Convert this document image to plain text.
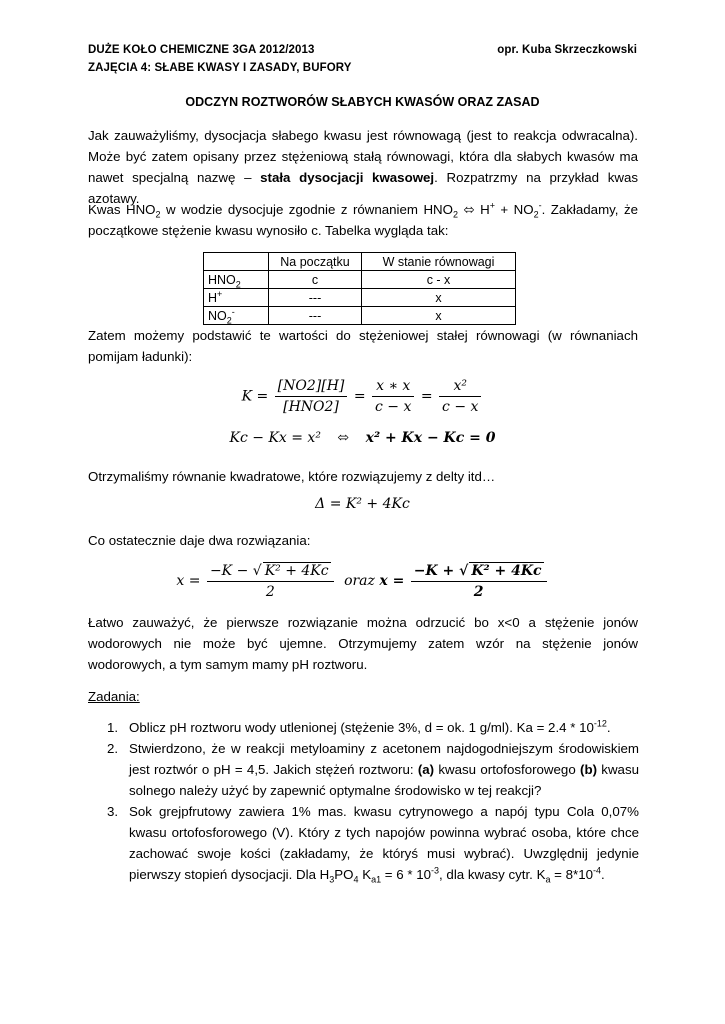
DUŻE KOŁO CHEMICZNE 3GA 2012/2013
ZAJĘCIA 4: SŁABE KWASY I ZASADY, BUFORY
opr. Kuba Skrzeczkowski
ODCZYN ROZTWORÓW SŁABYCH KWASÓW ORAZ ZASAD
Jak zauważyliśmy, dysocjacja słabego kwasu jest równowagą (jest to reakcja odwracalna). Może być zatem opisany przez stężeniową stałą równowagi, która dla słabych kwasów ma nawet specjalną nazwę – stała dysocjacji kwasowej. Rozpatrzmy na przykład kwas azotawy.
Kwas $HNO_2$ w wodzie dysocjuje zgodnie z równaniem $HNO_2$ ⬄ $H^+ + NO_2^-$. Zakładamy, że początkowe stężenie kwasu wynosiło c. Tabelka wygląda tak:
	Na początku	W stanie równowagi
$HNO_2$	c	c - x
H+	---	x
$NO_2^-$	---	x
Zatem możemy podstawić te wartości do stężeniowej stałej równowagi (w równaniach pomijam ładunki):
$K = \frac{[NO2][H]}{\text{[HNO2]}} = \frac{x ∗ x}{c - x} = \frac{\text{x²}}{c - x}$
Kc − Kx = x² ⬄ x² + Kx − Kc = 0
Otrzymaliśmy równanie kwadratowe, które rozwiązujemy z delty itd…
Δ = K² + 4Kc
Co ostatecznie daje dwa rozwiązania:
$x = \frac{\text{−K − √ K² + 4Kc}}{2}$ oraz $x = \frac{\text{−K + √ K² + 4Kc}}{2}$
Łatwo zauważyć, że pierwsze rozwiązanie można odrzucić bo x<0 a stężenie jonów wodorowych nie może być ujemne. Otrzymujemy zatem wzór na stężenie jonów wodorowych, a tym samym mamy pH roztworu.
Zadania:
1. Oblicz pH roztworu wody utlenionej (stężenie 3%, d = ok. 1 g/ml). $Ka = 2.4 * 10^{-12}$.
2. Stwierdzono, że w reakcji metyloaminy z acetonem najdogodniejszym środowiskiem jest roztwór o pH = 4,5. Jakich stężeń roztworu: (a) kwasu ortofosforowego (b) kwasu solnego należy użyć by zapewnić optymalne środowisko w tej reakcji?
3. Sok grejpfrutowy zawiera 1% mas. kwasu cytrynowego a napój typu Cola 0,07% kwasu ortofosforowego (V). Który z tych napojów powinna wybrać osoba, które chce zachować swoje kości (zakładamy, że któryś musi wybrać). Uwzględnij jedynie pierwszy stopień dysocjacji. Dla $H_3PO_4$ $K_{a1} = 6 * 10^{-3}$, dla kwasy cytr. $K_a = 8*10^{-4}$.
